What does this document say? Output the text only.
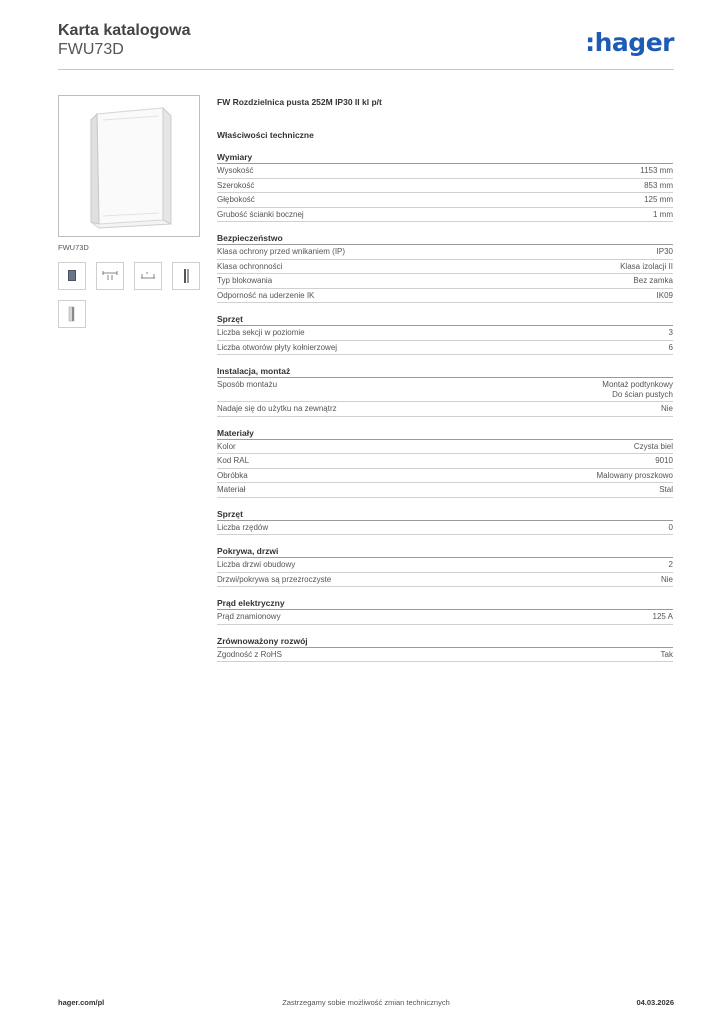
Karta katalogowa
FWU73D	:hager
FWU73D
FW Rozdzielnica pusta 252M IP30 II kl p/t
Właściwości techniczne
Wymiary
Wysokość	1153 mm
Szerokość	853 mm
Głębokość	125 mm
Grubość ścianki bocznej	1 mm
Bezpieczeństwo
Klasa ochrony przed wnikaniem (IP)	IP30
Klasa ochronności	Klasa izolacji II
Typ blokowania	Bez zamka
Odporność na uderzenie IK	IK09
Sprzęt
Liczba sekcji w poziomie	3
Liczba otworów płyty kołnierzowej	6
Instalacja, montaż
Sposób montażu	Montaż podtynkowy
Do ścian pustych
Nadaje się do użytku na zewnątrz	Nie
Materiały
Kolor	Czysta biel
Kod RAL	9010
Obróbka	Malowany proszkowo
Materiał	Stal
Sprzęt
Liczba rzędów	0
Pokrywa, drzwi
Liczba drzwi obudowy	2
Drzwi/pokrywa są przezroczyste	Nie
Prąd elektryczny
Prąd znamionowy	125 A
Zrównoważony rozwój
Zgodność z RoHS	Tak
Zastrzegamy sobie możliwość zmian technicznych
hager.com/pl	04.03.2026
